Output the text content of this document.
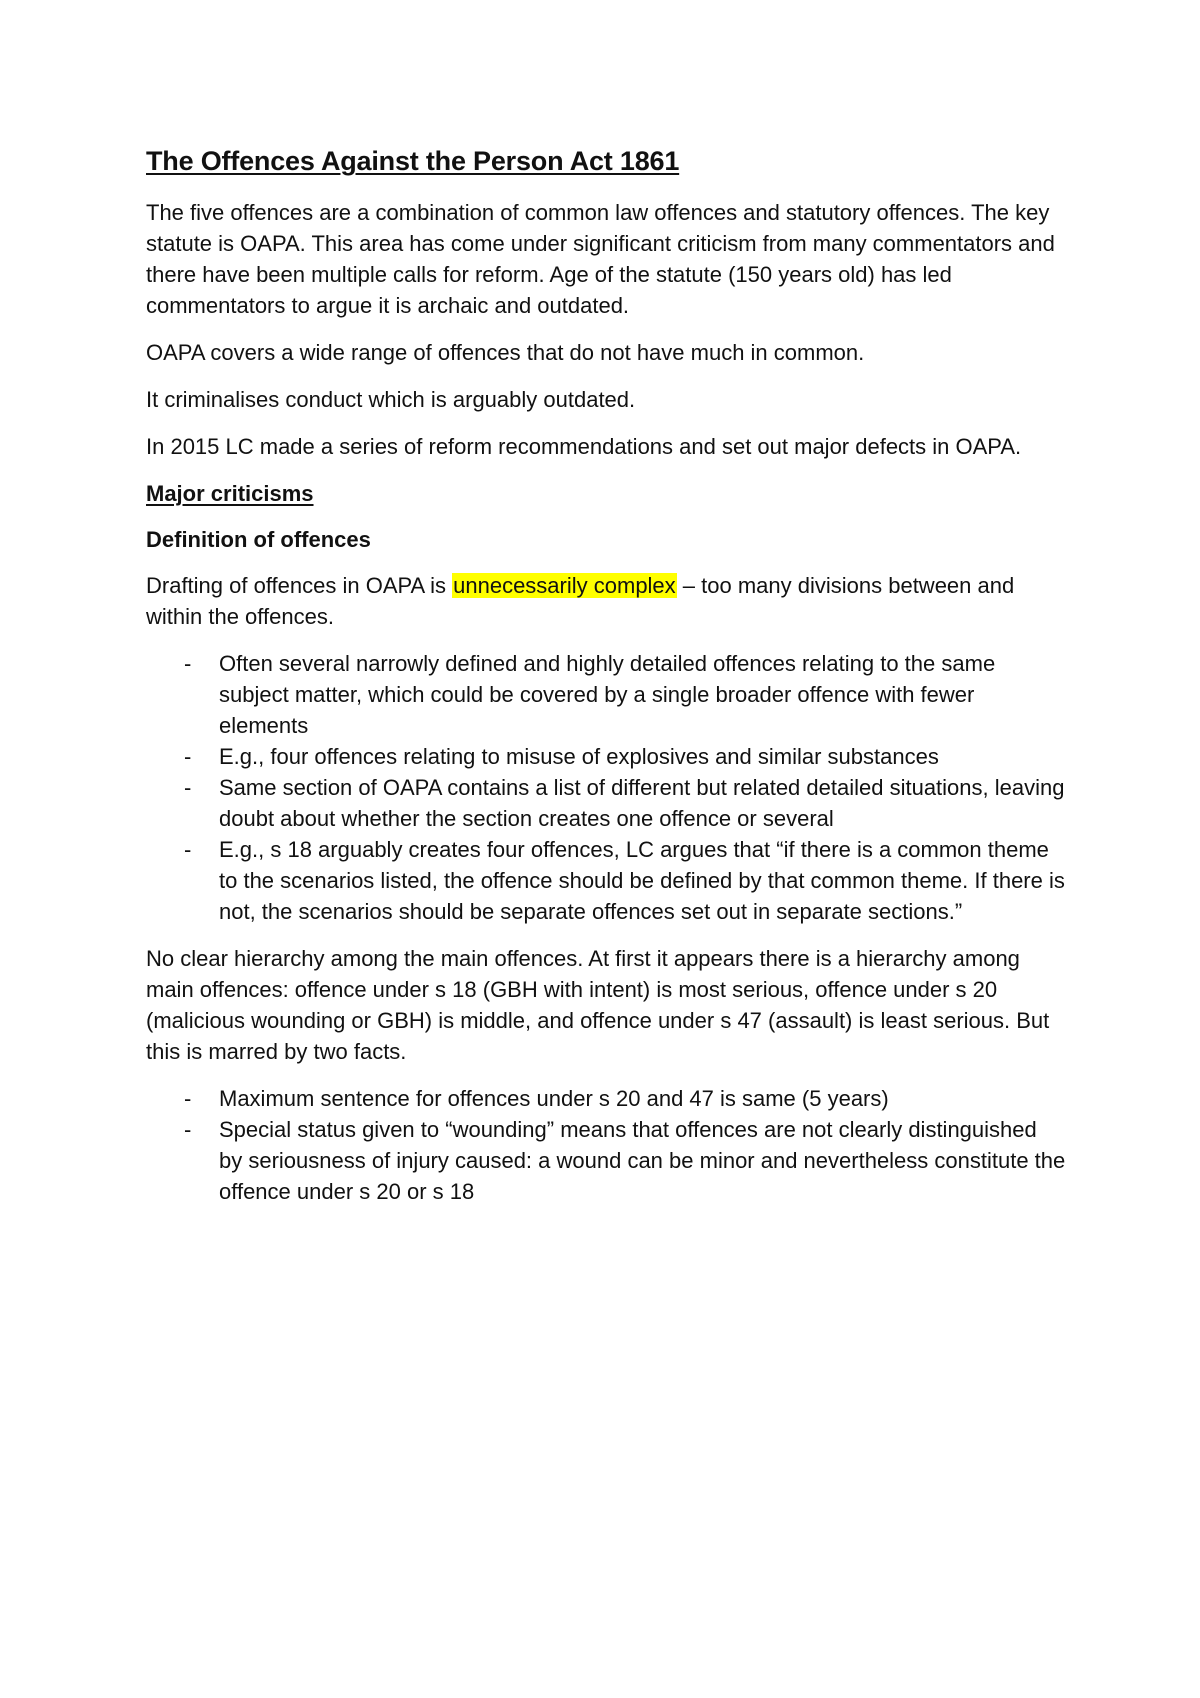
The Offences Against the Person Act 1861

The five offences are a combination of common law offences and statutory offences. The key statute is OAPA. This area has come under significant criticism from many commentators and there have been multiple calls for reform. Age of the statute (150 years old) has led commentators to argue it is archaic and outdated.

OAPA covers a wide range of offences that do not have much in common.

It criminalises conduct which is arguably outdated.

In 2015 LC made a series of reform recommendations and set out major defects in OAPA.

Major criticisms
Definition of offences

Drafting of offences in OAPA is unnecessarily complex – too many divisions between and within the offences.

- Often several narrowly defined and highly detailed offences relating to the same subject matter, which could be covered by a single broader offence with fewer elements
- E.g., four offences relating to misuse of explosives and similar substances
- Same section of OAPA contains a list of different but related detailed situations, leaving doubt about whether the section creates one offence or several
- E.g., s 18 arguably creates four offences, LC argues that “if there is a common theme to the scenarios listed, the offence should be defined by that common theme. If there is not, the scenarios should be separate offences set out in separate sections.”

No clear hierarchy among the main offences. At first it appears there is a hierarchy among main offences: offence under s 18 (GBH with intent) is most serious, offence under s 20 (malicious wounding or GBH) is middle, and offence under s 47 (assault) is least serious. But this is marred by two facts.

- Maximum sentence for offences under s 20 and 47 is same (5 years)
- Special status given to “wounding” means that offences are not clearly distinguished by seriousness of injury caused: a wound can be minor and nevertheless constitute the offence under s 20 or s 18
